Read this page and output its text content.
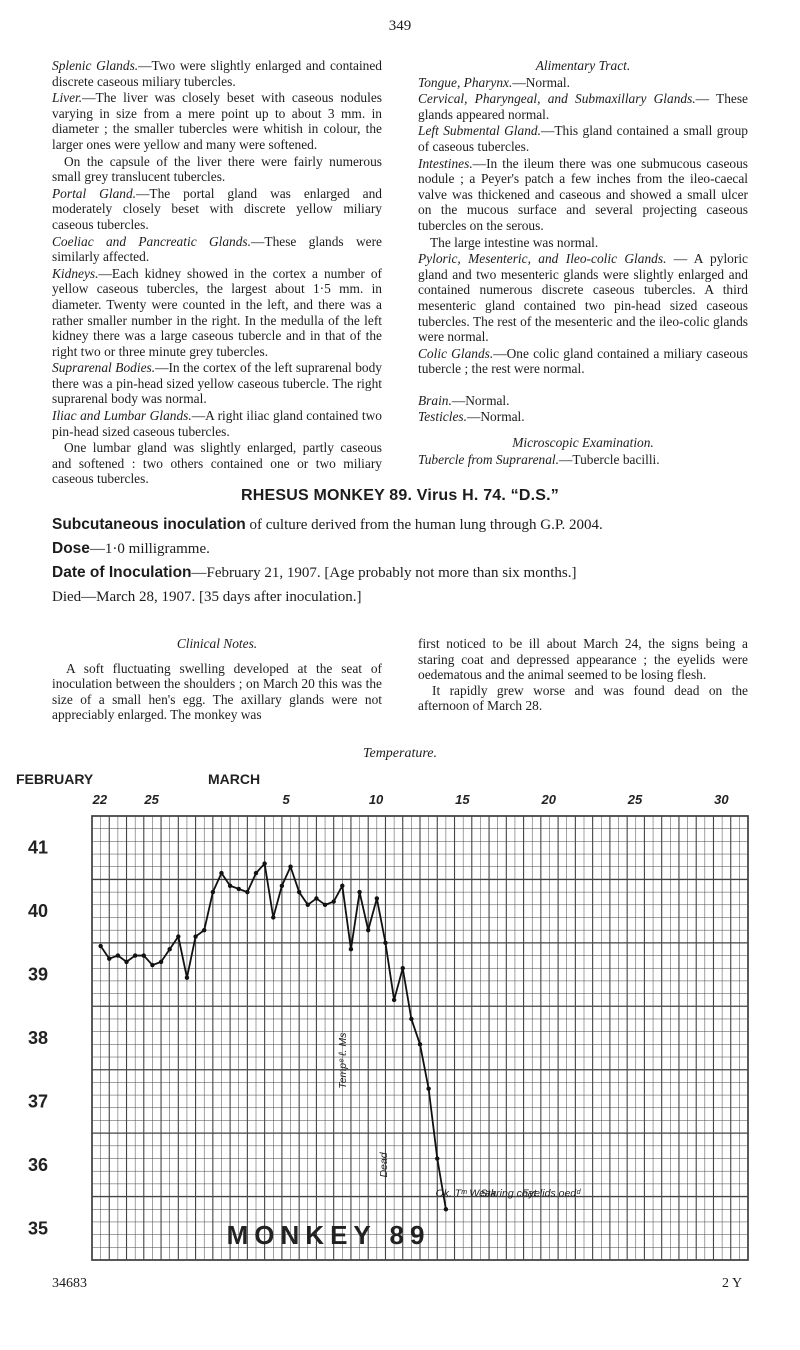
349

Splenic Glands.—Two were slightly enlarged and contained discrete caseous miliary tubercles.

Liver.—The liver was closely beset with caseous nodules varying in size from a mere point up to about 3 mm. in diameter ; the smaller tubercles were whitish in colour, the larger ones were yellow and many were softened.

On the capsule of the liver there were fairly numerous small grey translucent tubercles.

Portal Gland.—The portal gland was enlarged and moderately closely beset with discrete yellow miliary caseous tubercles.

Coeliac and Pancreatic Glands.—These glands were similarly affected.

Kidneys.—Each kidney showed in the cortex a number of yellow caseous tubercles, the largest about 1·5 mm. in diameter. Twenty were counted in the left, and there was a rather smaller number in the right. In the medulla of the left kidney there was a large caseous tubercle and in that of the right two or three minute grey tubercles.

Suprarenal Bodies.—In the cortex of the left suprarenal body there was a pin-head sized yellow caseous tubercle. The right suprarenal body was normal.

Iliac and Lumbar Glands.—A right iliac gland contained two pin-head sized caseous tubercles.

One lumbar gland was slightly enlarged, partly caseous and softened : two others contained one or two miliary caseous tubercles.

Alimentary Tract.

Tongue, Pharynx.—Normal.

Cervical, Pharyngeal, and Submaxillary Glands.— These glands appeared normal.

Left Submental Gland.—This gland contained a small group of caseous tubercles.

Intestines.—In the ileum there was one submucous caseous nodule ; a Peyer's patch a few inches from the ileo-caecal valve was thickened and caseous and showed a small ulcer on the mucous surface and several projecting caseous tubercles on the serous.

The large intestine was normal.

Pyloric, Mesenteric, and Ileo-colic Glands. — A pyloric gland and two mesenteric glands were slightly enlarged and contained numerous discrete caseous tubercles. A third mesenteric gland contained two pin-head sized caseous tubercles. The rest of the mesenteric and the ileo-colic glands were normal.

Colic Glands.—One colic gland contained a miliary caseous tubercle ; the rest were normal.

Brain.—Normal.

Testicles.—Normal.

Microscopic Examination.

Tubercle from Suprarenal.—Tubercle bacilli.

RHESUS MONKEY 89. Virus H. 74. “D.S.”
Subcutaneous inoculation of culture derived from the human lung through G.P. 2004.
Dose—1·0 milligramme.
Date of Inoculation—February 21, 1907. [Age probably not more than six months.]
Died—March 28, 1907. [35 days after inoculation.]

Clinical Notes.

A soft fluctuating swelling developed at the seat of inoculation between the shoulders ; on March 20 this was the size of a small hen's egg. The axillary glands were not appreciably enlarged. The monkey was

first noticed to be ill about March 24, the signs being a staring coat and depressed appearance ; the eyelids were oedematous and the animal seemed to be losing flesh.

It rapidly grew worse and was found dead on the afternoon of March 28.

Temperature.
FEBRUARY	MARCH
22	25	5	10	15	20	25	30
41
40
39
38
37
36
35	MONKEY 89
Tempᵉ ℓ. Ms
Dead
Ok. Tᵐ Weak
Staring coat
Eyelids oedᵈ
34683	2 Y
